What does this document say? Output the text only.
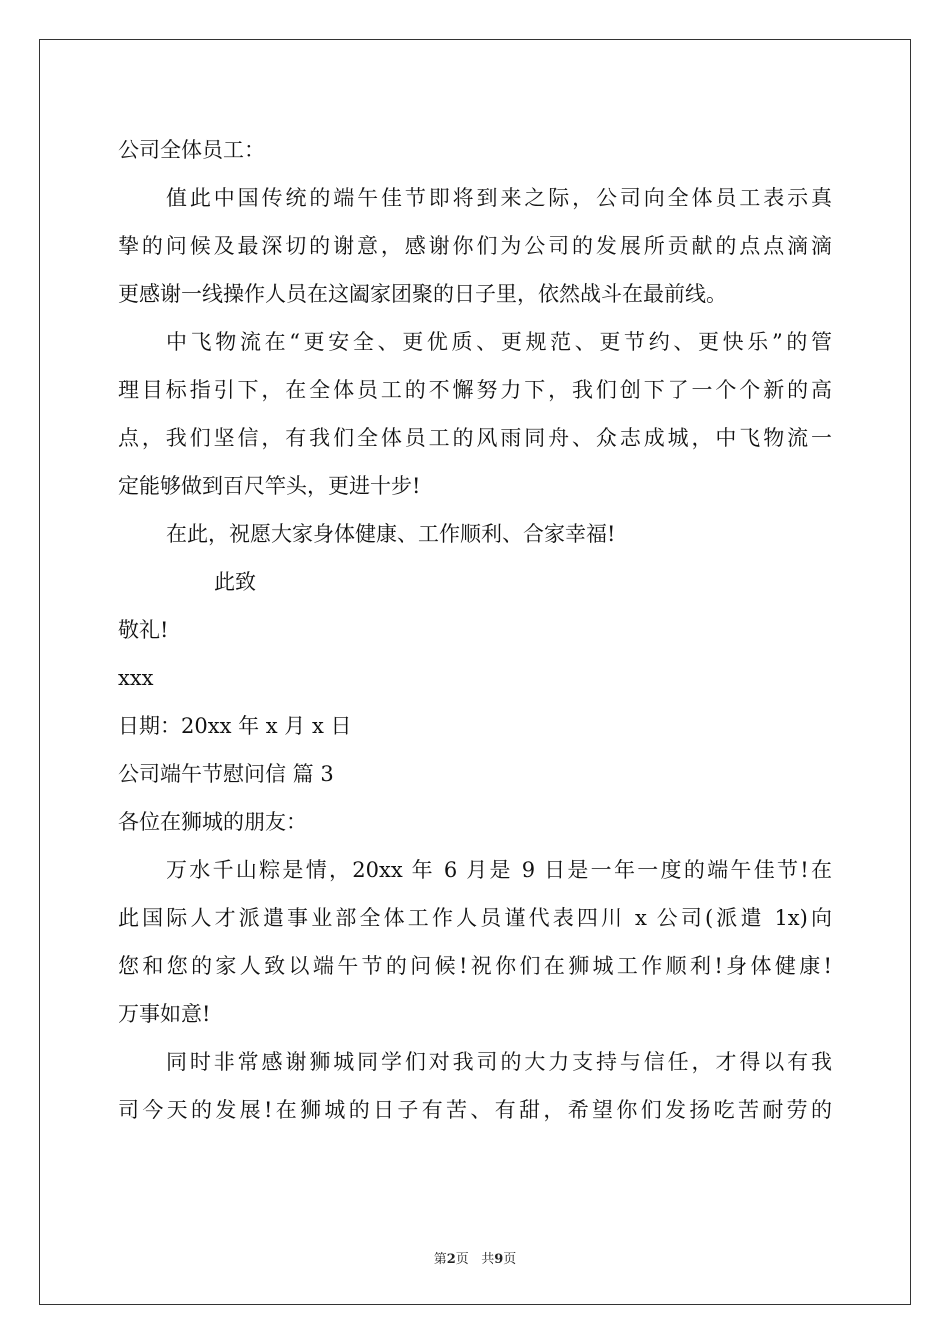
公司全体员工：
值此中国传统的端午佳节即将到来之际，公司向全体员工表示真
挚的问候及最深切的谢意，感谢你们为公司的发展所贡献的点点滴滴
更感谢一线操作人员在这阖家团聚的日子里，依然战斗在最前线。
中飞物流在“更安全、更优质、更规范、更节约、更快乐”的管
理目标指引下，在全体员工的不懈努力下，我们创下了一个个新的高
点，我们坚信，有我们全体员工的风雨同舟、众志成城，中飞物流一
定能够做到百尺竿头，更进十步!
在此，祝愿大家身体健康、工作顺利、合家幸福!
此致
敬礼!
xxx
日期：20xx 年 x 月 x 日
公司端午节慰问信 篇 3
各位在狮城的朋友：
万水千山粽是情，20xx 年 6 月是 9 日是一年一度的端午佳节!在
此国际人才派遣事业部全体工作人员谨代表四川 x 公司(派遣 1x)向
您和您的家人致以端午节的问候!祝你们在狮城工作顺利!身体健康!
万事如意!
同时非常感谢狮城同学们对我司的大力支持与信任，才得以有我
司今天的发展!在狮城的日子有苦、有甜，希望你们发扬吃苦耐劳的
第2页 共9页
